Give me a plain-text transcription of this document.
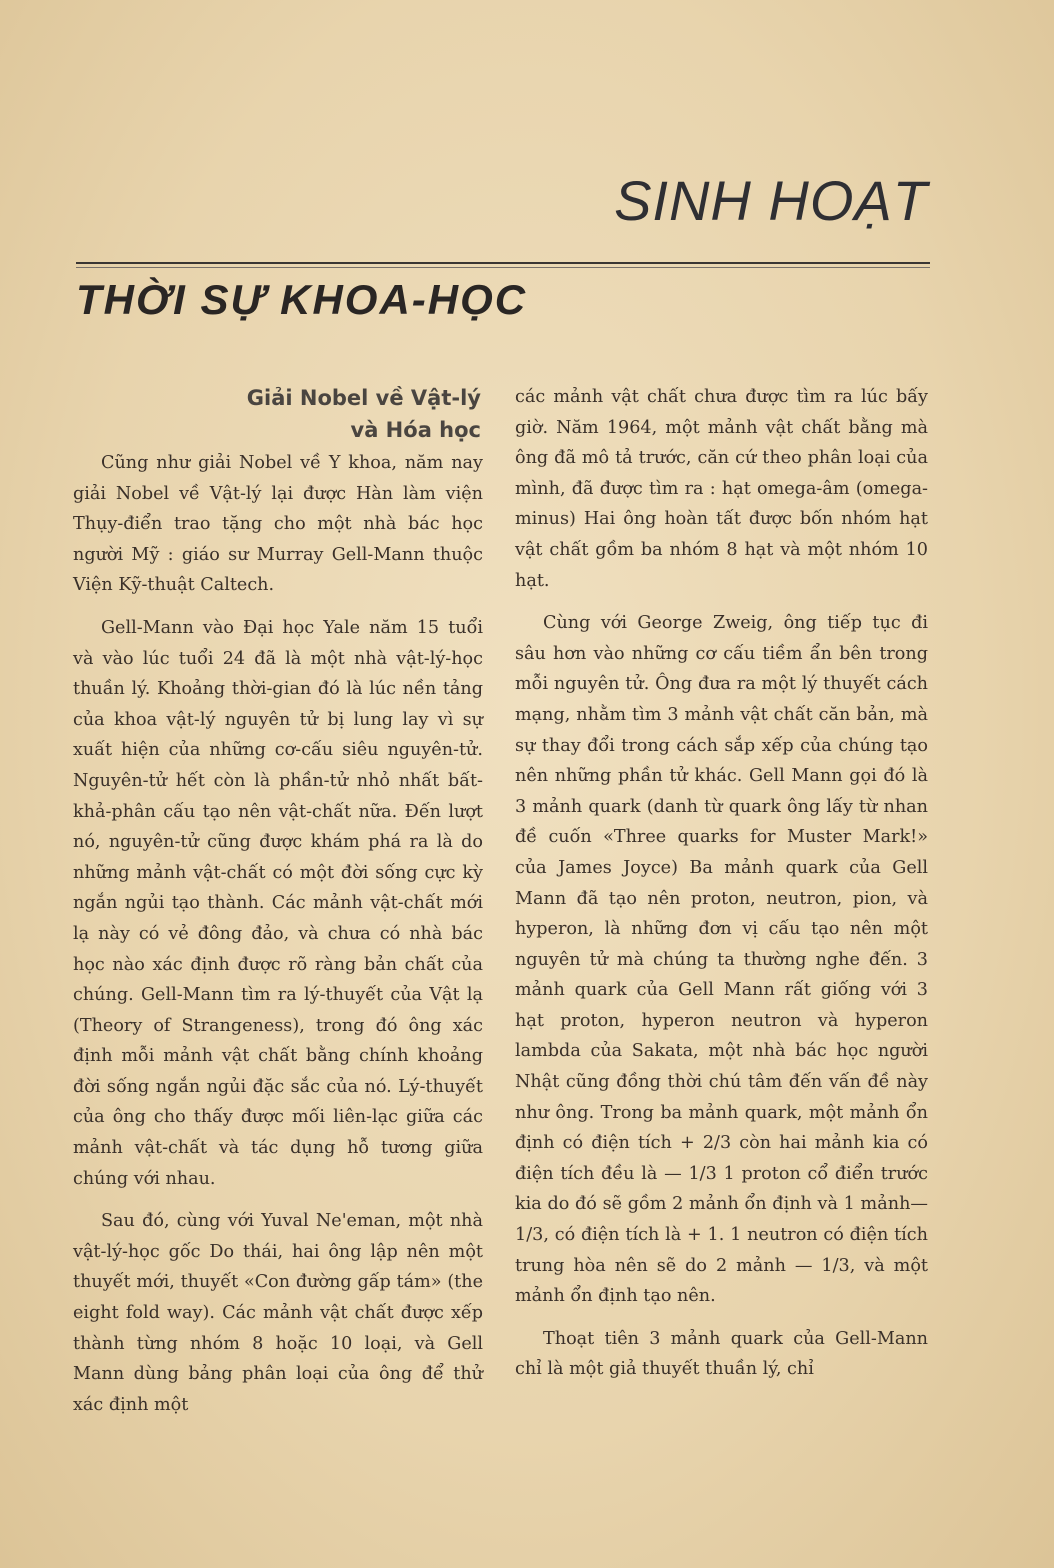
SINH HOẠT
THỜI SỰ KHOA-HỌC
Giải Nobel về Vật-lý
và Hóa học

Cũng như giải Nobel về Y khoa, năm nay giải Nobel về Vật-lý lại được Hàn làm viện Thụy-điển trao tặng cho một nhà bác học người Mỹ : giáo sư Murray Gell-Mann thuộc Viện Kỹ-thuật Caltech.

Gell-Mann vào Đại học Yale năm 15 tuổi và vào lúc tuổi 24 đã là một nhà vật-lý-học thuần lý. Khoảng thời-gian đó là lúc nền tảng của khoa vật-lý nguyên tử bị lung lay vì sự xuất hiện của những cơ-cấu siêu nguyên-tử. Nguyên-tử hết còn là phần-tử nhỏ nhất bất-khả-phân cấu tạo nên vật-chất nữa. Đến lượt nó, nguyên-tử cũng được khám phá ra là do những mảnh vật-chất có một đời sống cực kỳ ngắn ngủi tạo thành. Các mảnh vật-chất mới lạ này có vẻ đông đảo, và chưa có nhà bác học nào xác định được rõ ràng bản chất của chúng. Gell-Mann tìm ra lý-thuyết của Vật lạ (Theory of Strangeness), trong đó ông xác định mỗi mảnh vật chất bằng chính khoảng đời sống ngắn ngủi đặc sắc của nó. Lý-thuyết của ông cho thấy được mối liên-lạc giữa các mảnh vật-chất và tác dụng hỗ tương giữa chúng với nhau.

Sau đó, cùng với Yuval Ne'eman, một nhà vật-lý-học gốc Do thái, hai ông lập nên một thuyết mới, thuyết «Con đường gấp tám» (the eight fold way). Các mảnh vật chất được xếp thành từng nhóm 8 hoặc 10 loại, và Gell Mann dùng bảng phân loại của ông để thử xác định một

các mảnh vật chất chưa được tìm ra lúc bấy giờ. Năm 1964, một mảnh vật chất bằng mà ông đã mô tả trước, căn cứ theo phân loại của mình, đã được tìm ra : hạt omega-âm (omega-minus) Hai ông hoàn tất được bốn nhóm hạt vật chất gồm ba nhóm 8 hạt và một nhóm 10 hạt.

Cùng với George Zweig, ông tiếp tục đi sâu hơn vào những cơ cấu tiềm ẩn bên trong mỗi nguyên tử. Ông đưa ra một lý thuyết cách mạng, nhằm tìm 3 mảnh vật chất căn bản, mà sự thay đổi trong cách sắp xếp của chúng tạo nên những phần tử khác. Gell Mann gọi đó là 3 mảnh quark (danh từ quark ông lấy từ nhan đề cuốn «Three quarks for Muster Mark!» của James Joyce) Ba mảnh quark của Gell Mann đã tạo nên proton, neutron, pion, và hyperon, là những đơn vị cấu tạo nên một nguyên tử mà chúng ta thường nghe đến. 3 mảnh quark của Gell Mann rất giống với 3 hạt proton, hyperon neutron và hyperon lambda của Sakata, một nhà bác học người Nhật cũng đồng thời chú tâm đến vấn đề này như ông. Trong ba mảnh quark, một mảnh ổn định có điện tích + 2/3 còn hai mảnh kia có điện tích đều là — 1/3 1 proton cổ điển trước kia do đó sẽ gồm 2 mảnh ổn định và 1 mảnh—1/3, có điện tích là + 1. 1 neutron có điện tích trung hòa nên sẽ do 2 mảnh — 1/3, và một mảnh ổn định tạo nên.

Thoạt tiên 3 mảnh quark của Gell-Mann chỉ là một giả thuyết thuần lý, chỉ
